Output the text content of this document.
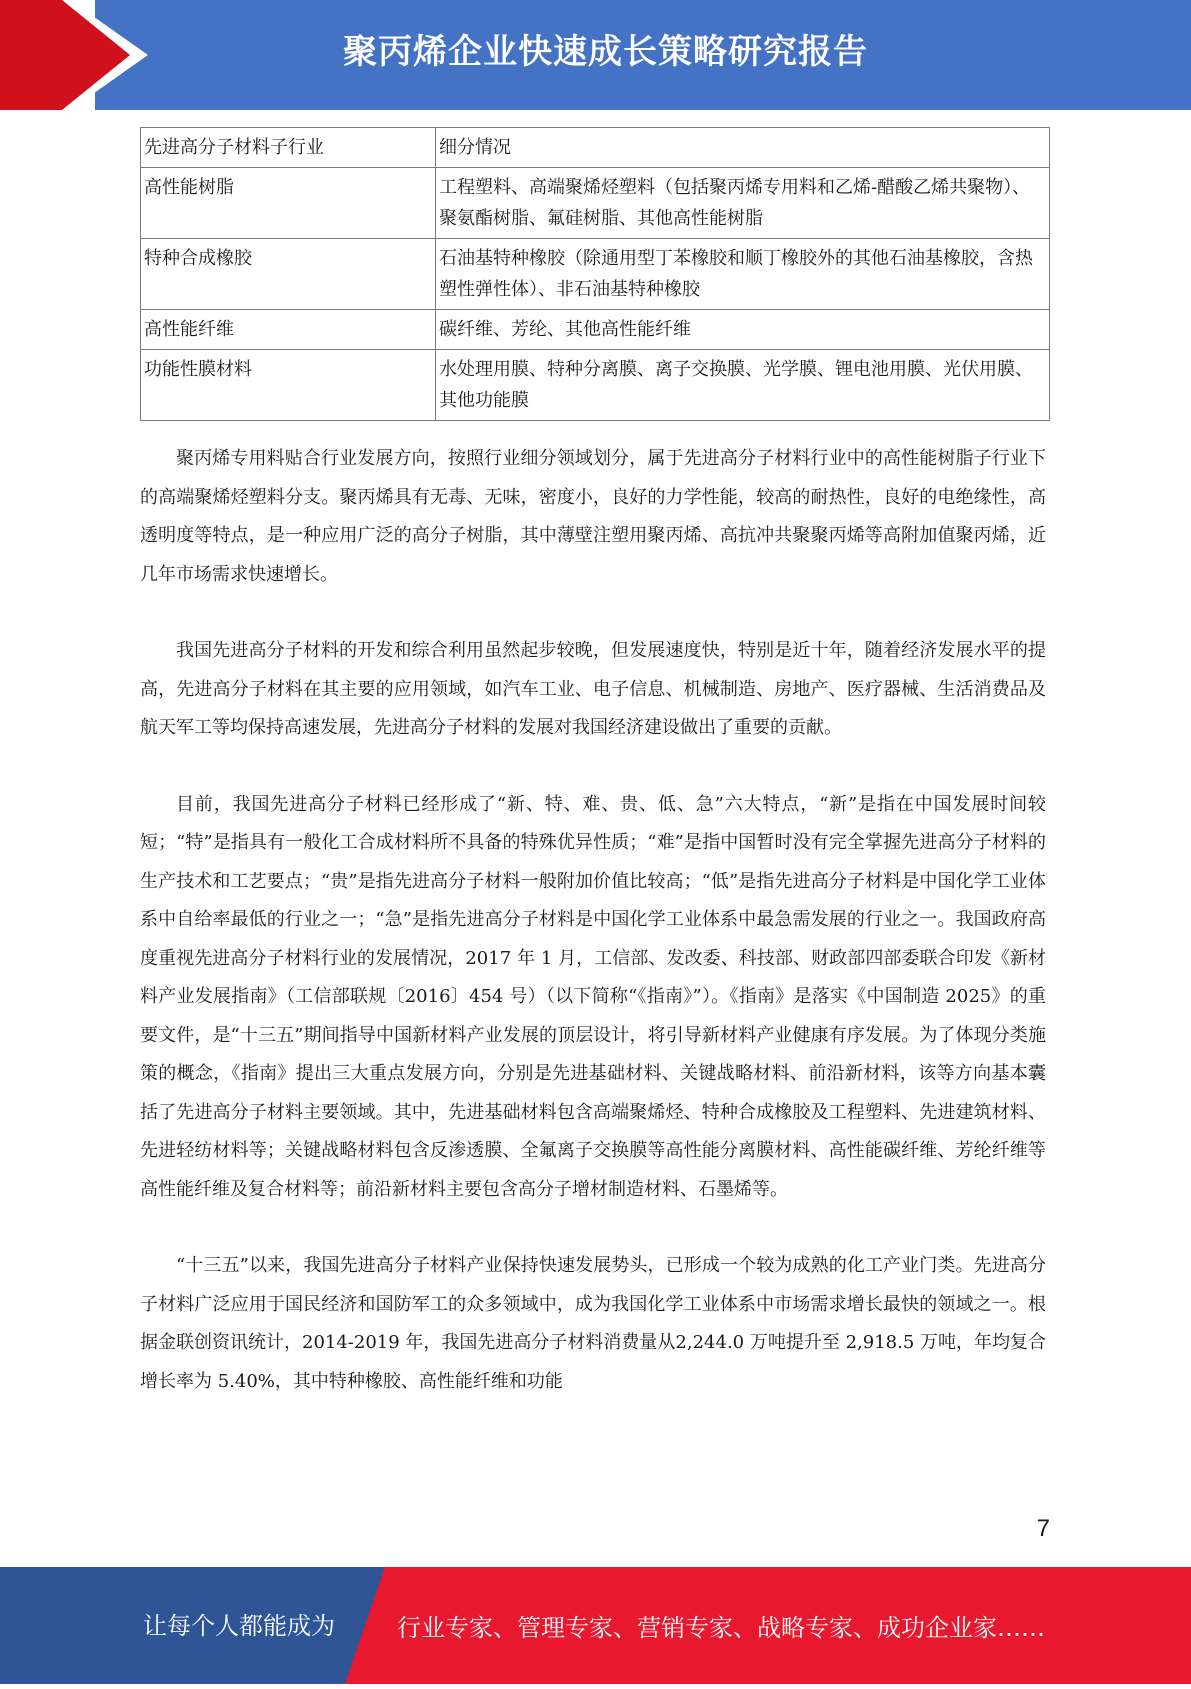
聚丙烯企业快速成长策略研究报告
先进高分子材料子行业	细分情况
高性能树脂	工程塑料、高端聚烯烃塑料（包括聚丙烯专用料和乙烯-醋酸乙烯共聚物）、聚氨酯树脂、氟硅树脂、其他高性能树脂
特种合成橡胶	石油基特种橡胶（除通用型丁苯橡胶和顺丁橡胶外的其他石油基橡胶，含热塑性弹性体）、非石油基特种橡胶
高性能纤维	碳纤维、芳纶、其他高性能纤维
功能性膜材料	水处理用膜、特种分离膜、离子交换膜、光学膜、锂电池用膜、光伏用膜、其他功能膜

聚丙烯专用料贴合行业发展方向，按照行业细分领域划分，属于先进高分子材料行业中的高性能树脂子行业下的高端聚烯烃塑料分支。聚丙烯具有无毒、无味，密度小，良好的力学性能，较高的耐热性，良好的电绝缘性，高透明度等特点，是一种应用广泛的高分子树脂，其中薄壁注塑用聚丙烯、高抗冲共聚聚丙烯等高附加值聚丙烯，近几年市场需求快速增长。

我国先进高分子材料的开发和综合利用虽然起步较晚，但发展速度快，特别是近十年，随着经济发展水平的提高，先进高分子材料在其主要的应用领域，如汽车工业、电子信息、机械制造、房地产、医疗器械、生活消费品及航天军工等均保持高速发展，先进高分子材料的发展对我国经济建设做出了重要的贡献。

目前，我国先进高分子材料已经形成了“新、特、难、贵、低、急”六大特点，“新”是指在中国发展时间较短；“特”是指具有一般化工合成材料所不具备的特殊优异性质；“难”是指中国暂时没有完全掌握先进高分子材料的生产技术和工艺要点；“贵”是指先进高分子材料一般附加价值比较高；“低”是指先进高分子材料是中国化学工业体系中自给率最低的行业之一；“急”是指先进高分子材料是中国化学工业体系中最急需发展的行业之一。我国政府高度重视先进高分子材料行业的发展情况，2017 年 1 月，工信部、发改委、科技部、财政部四部委联合印发《新材料产业发展指南》（工信部联规〔2016〕454 号）（以下简称“《指南》”）。《指南》是落实《中国制造 2025》的重要文件，是“十三五”期间指导中国新材料产业发展的顶层设计，将引导新材料产业健康有序发展。为了体现分类施策的概念，《指南》提出三大重点发展方向，分别是先进基础材料、关键战略材料、前沿新材料，该等方向基本囊括了先进高分子材料主要领域。其中，先进基础材料包含高端聚烯烃、特种合成橡胶及工程塑料、先进建筑材料、先进轻纺材料等；关键战略材料包含反渗透膜、全氟离子交换膜等高性能分离膜材料、高性能碳纤维、芳纶纤维等高性能纤维及复合材料等；前沿新材料主要包含高分子增材制造材料、石墨烯等。

“十三五”以来，我国先进高分子材料产业保持快速发展势头，已形成一个较为成熟的化工产业门类。先进高分子材料广泛应用于国民经济和国防军工的众多领域中，成为我国化学工业体系中市场需求增长最快的领域之一。根据金联创资讯统计，2014-2019 年，我国先进高分子材料消费量从2,244.0 万吨提升至 2,918.5 万吨，年均复合增长率为 5.40%，其中特种橡胶、高性能纤维和功能

7
让每个人都能成为	行业专家、管理专家、营销专家、战略专家、成功企业家……
